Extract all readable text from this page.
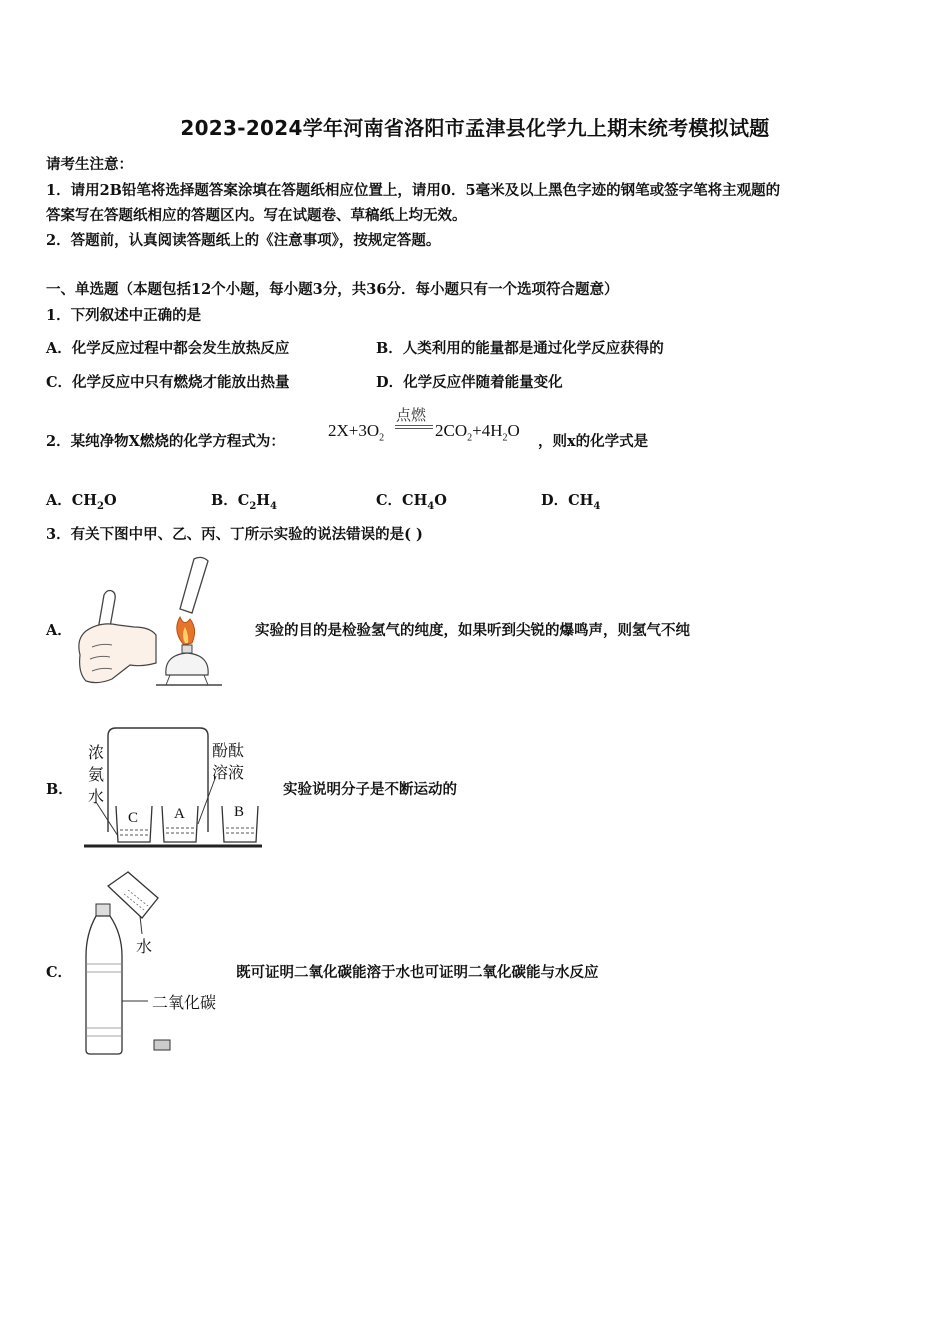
2023-2024学年河南省洛阳市孟津县化学九上期末统考模拟试题
请考生注意：
1．请用2B铅笔将选择题答案涂填在答题纸相应位置上，请用0．5毫米及以上黑色字迹的钢笔或签字笔将主观题的
答案写在答题纸相应的答题区内。写在试题卷、草稿纸上均无效。
2．答题前，认真阅读答题纸上的《注意事项》，按规定答题。
一、单选题（本题包括12个小题，每小题3分，共36分．每小题只有一个选项符合题意）
1．下列叙述中正确的是
A．化学反应过程中都会发生放热反应	B．人类利用的能量都是通过化学反应获得的
C．化学反应中只有燃烧才能放出热量	D．化学反应伴随着能量变化
2．某纯净物X燃烧的化学方程式为：
$2X+3O_2$
点燃
$2CO_2+4H_2O$
，则x的化学式是
A．$CH_2O$	B．$C_2H_4$	C．$CH_4O$	D．$CH_4$
3．有关下图中甲、乙、丙、丁所示实验的说法错误的是( )
A．	实验的目的是检验氢气的纯度，如果听到尖锐的爆鸣声，则氢气不纯
B．
浓
氨
水
酚酞
溶液
C A	B
实验说明分子是不断运动的
C．
水
二氧化碳
既可证明二氧化碳能溶于水也可证明二氧化碳能与水反应
